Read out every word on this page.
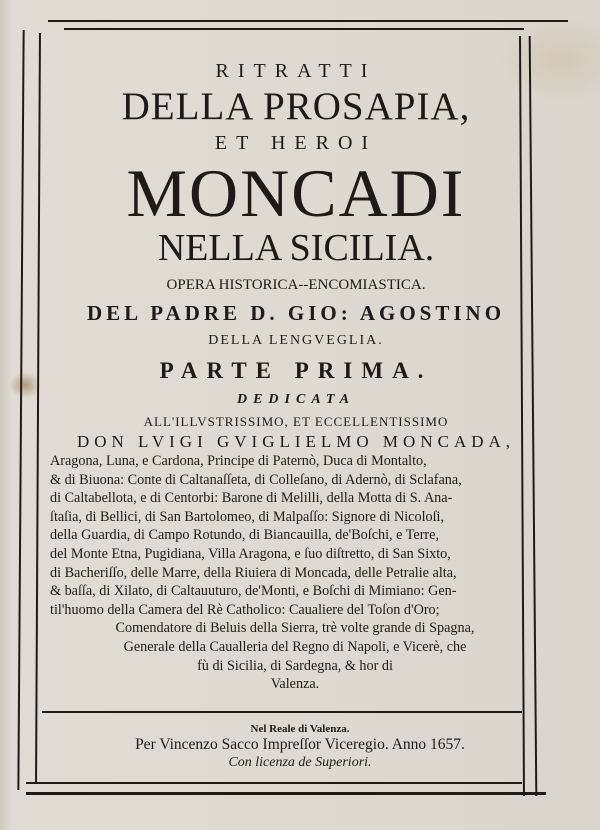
RITRATTI
DELLA PROSAPIA,
ET HEROI
MONCADI
NELLA SICILIA.
OPERA HISTORICA--ENCOMIASTICA.
DEL PADRE D. GIO: AGOSTINO
DELLA LENGVEGLIA.
PARTE PRIMA.
DEDICATA
ALL'ILLVSTRISSIMO, ET ECCELLENTISSIMO
DON LVIGI GVIGLIELMO MONCADA,
Aragona, Luna, e Cardona, Principe di Paternò, Duca di Montalto,
& di Biuona: Conte di Caltanaſſeta, di Colleſano, di Adernò, di Sclafana,
di Caltabellota, e di Centorbi: Barone di Melilli, della Motta di S. Ana-
ſtaſia, di Bellici, di San Bartolomeo, di Malpaſſo: Signore di Nicoloſi,
della Guardia, di Campo Rotundo, di Biancauilla, de'Boſchi, e Terre,
del Monte Etna, Pugidiana, Villa Aragona, e ſuo diſtretto, di San Sixto,
di Bacheriſſo, delle Marre, della Riuiera di Moncada, delle Petralie alta,
& baſſa, di Xilato, di Caltauuturo, de'Monti, e Boſchi di Mimiano: Gen-
til'huomo della Camera del Rè Catholico: Caualiere del Toſon d'Oro;
Comendatore di Beluis della Sierra, trè volte grande di Spagna,
Generale della Caualleria del Regno di Napoli, e Vicerè, che
fù di Sicilia, di Sardegna, & hor di
Valenza.
Nel Reale di Valenza.
Per Vincenzo Sacco Impreſſor Viceregio. Anno 1657.
Con licenza de Superiori.
